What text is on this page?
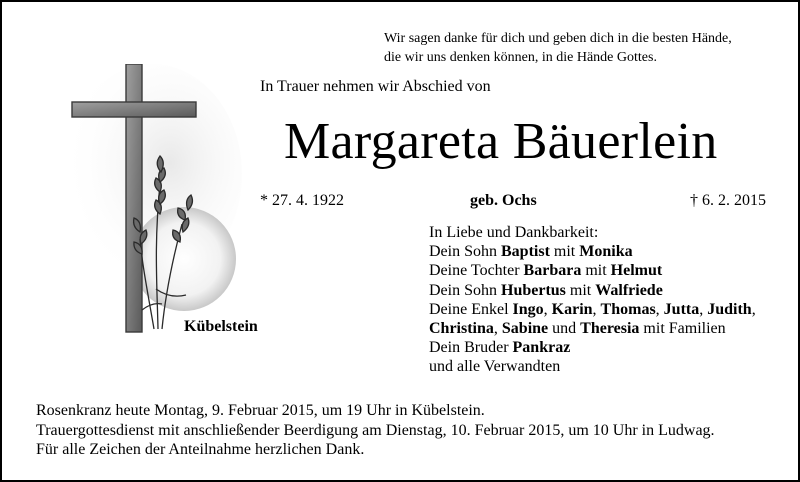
Wir sagen danke für dich und geben dich in die besten Hände,
die wir uns denken können, in die Hände Gottes.
In Trauer nehmen wir Abschied von
Margareta Bäuerlein
* 27. 4. 1922	geb. Ochs	† 6. 2. 2015
Kübelstein
In Liebe und Dankbarkeit:
Dein Sohn Baptist mit Monika
Deine Tochter Barbara mit Helmut
Dein Sohn Hubertus mit Walfriede
Deine Enkel Ingo, Karin, Thomas, Jutta, Judith,
Christina, Sabine und Theresia mit Familien
Dein Bruder Pankraz
und alle Verwandten
Rosenkranz heute Montag, 9. Februar 2015, um 19 Uhr in Kübelstein.
Trauergottesdienst mit anschließender Beerdigung am Dienstag, 10. Februar 2015, um 10 Uhr in Ludwag.
Für alle Zeichen der Anteilnahme herzlichen Dank.
